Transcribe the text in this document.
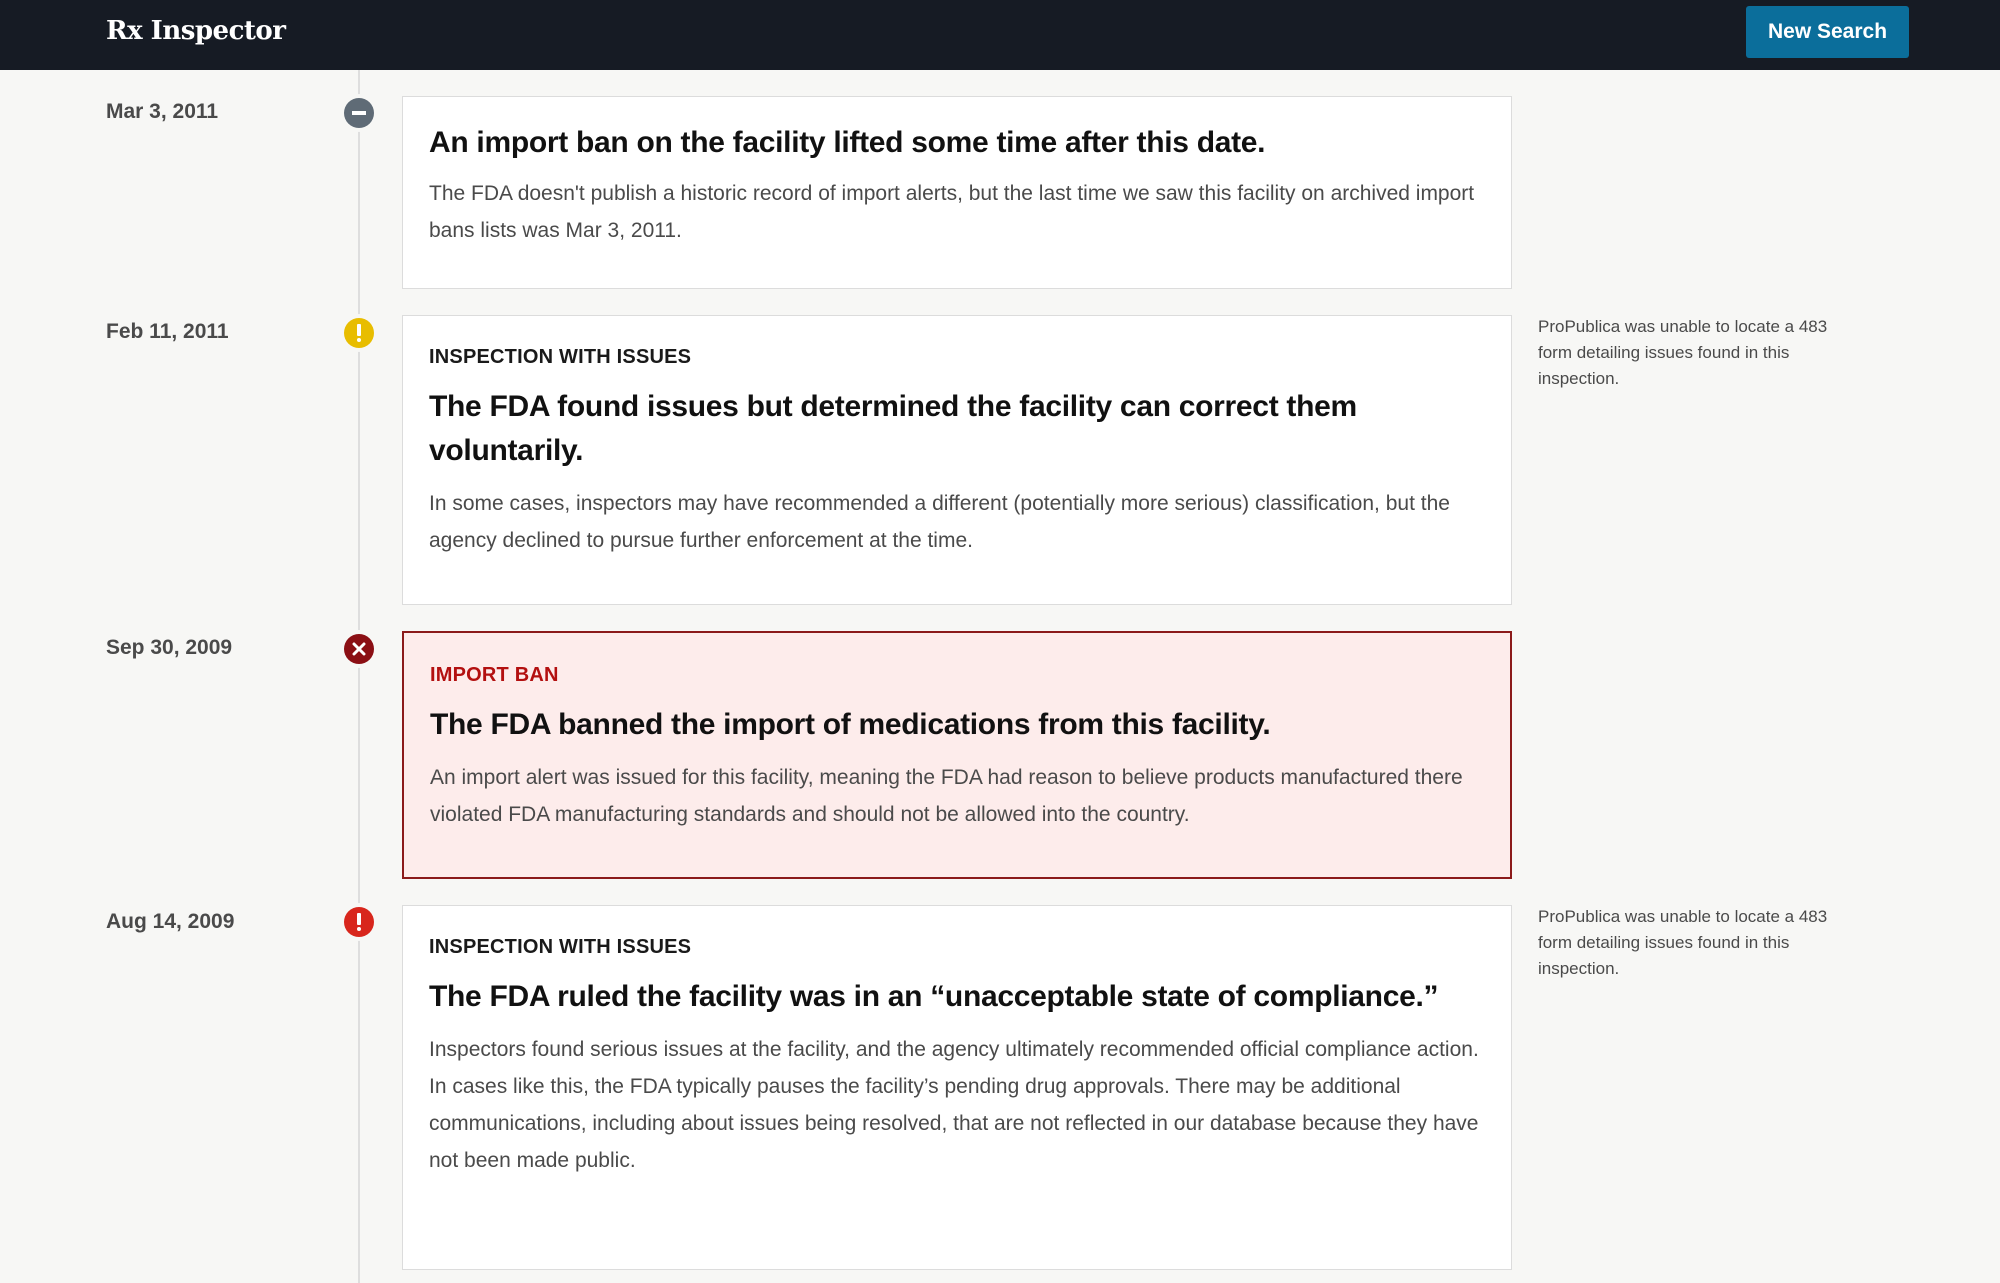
Rx Inspector	New Search
Mar 3, 2011
An import ban on the facility lifted some time after this date.
The FDA doesn't publish a historic record of import alerts, but the last time we saw this facility on archived import bans lists was Mar 3, 2011.
Feb 11, 2011
INSPECTION WITH ISSUES
The FDA found issues but determined the facility can correct them voluntarily.
In some cases, inspectors may have recommended a different (potentially more serious) classification, but the agency declined to pursue further enforcement at the time.
ProPublica was unable to locate a 483 form detailing issues found in this inspection.
Sep 30, 2009
IMPORT BAN
The FDA banned the import of medications from this facility.
An import alert was issued for this facility, meaning the FDA had reason to believe products manufactured there violated FDA manufacturing standards and should not be allowed into the country.
Aug 14, 2009
INSPECTION WITH ISSUES
The FDA ruled the facility was in an “unacceptable state of compliance.”
Inspectors found serious issues at the facility, and the agency ultimately recommended official compliance action. In cases like this, the FDA typically pauses the facility’s pending drug approvals. There may be additional communications, including about issues being resolved, that are not reflected in our database because they have not been made public.
ProPublica was unable to locate a 483 form detailing issues found in this inspection.
